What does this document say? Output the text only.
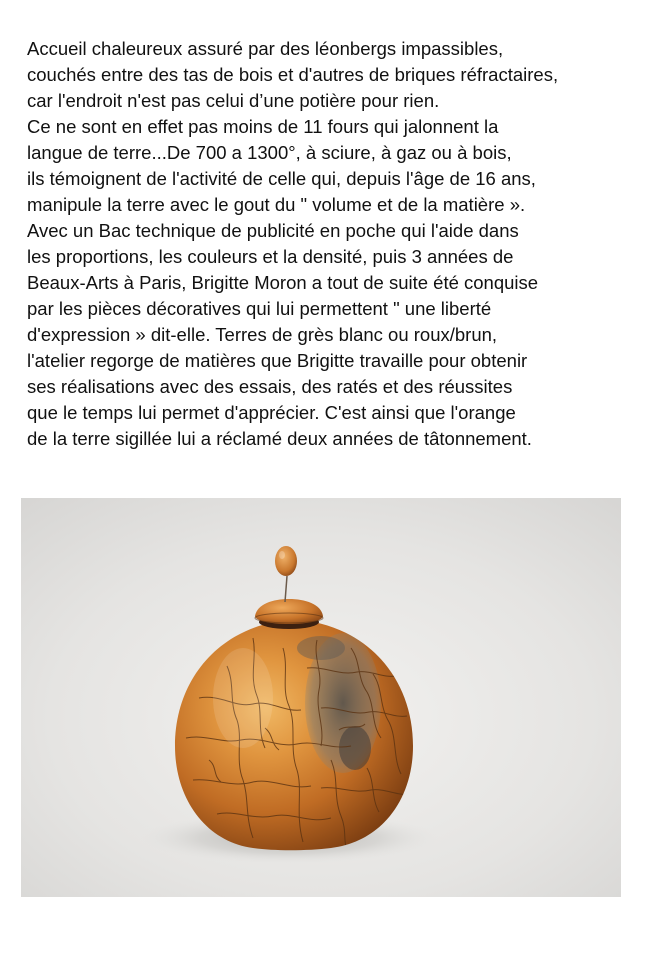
Accueil chaleureux assuré par des léonbergs impassibles,
couchés entre des tas de bois et d'autres de briques réfractaires,
car l'endroit n'est pas celui d’une potière pour rien.
Ce ne sont en effet pas moins de 11 fours qui jalonnent la
langue de terre...De 700 a 1300°, à sciure, à gaz ou à bois,
ils témoignent de l'activité de celle qui, depuis l'âge de 16 ans,
manipule la terre avec le gout du " volume et de la matière ».
Avec un Bac technique de publicité en poche qui l'aide dans
les proportions, les couleurs et la densité, puis 3 années de
Beaux-Arts à Paris, Brigitte Moron a tout de suite été conquise
par les pièces décoratives qui lui permettent " une liberté
d'expression » dit-elle. Terres de grès blanc ou roux/brun,
l'atelier regorge de matières que Brigitte travaille pour obtenir
ses réalisations avec des essais, des ratés et des réussites
que le temps lui permet d'apprécier. C'est ainsi que l'orange
de la terre sigillée lui a réclamé deux années de tâtonnement.
